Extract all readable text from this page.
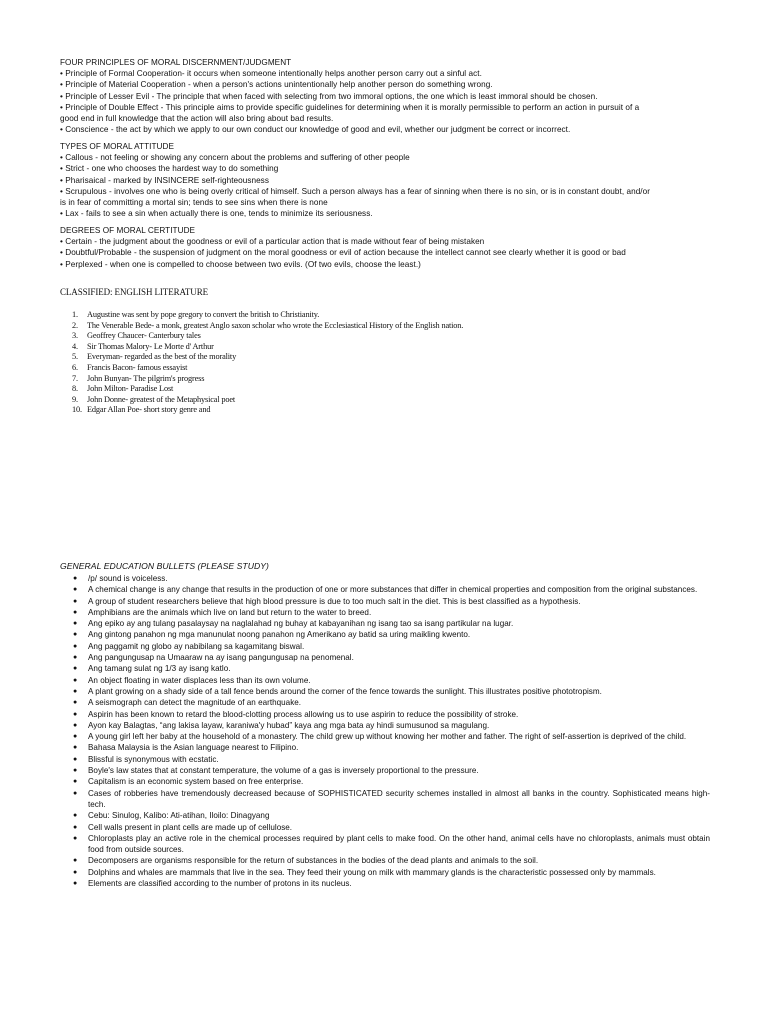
FOUR PRINCIPLES OF MORAL DISCERNMENT/JUDGMENT
• Principle of Formal Cooperation- it occurs when someone intentionally helps another person carry out a sinful act.
• Principle of Material Cooperation - when a person's actions unintentionally help another person do something wrong.
• Principle of Lesser Evil - The principle that when faced with selecting from two immoral options, the one which is least immoral should be chosen.
• Principle of Double Effect - This principle aims to provide specific guidelines for determining when it is morally permissible to perform an action in pursuit of a
good end in full knowledge that the action will also bring about bad results.
• Conscience - the act by which we apply to our own conduct our knowledge of good and evil, whether our judgment be correct or incorrect.
TYPES OF MORAL ATTITUDE
• Callous - not feeling or showing any concern about the problems and suffering of other people
• Strict - one who chooses the hardest way to do something
• Pharisaical - marked by INSINCERE self-righteousness
• Scrupulous - involves one who is being overly critical of himself. Such a person always has a fear of sinning when there is no sin, or is in constant doubt, and/or
is in fear of committing a mortal sin; tends to see sins when there is none
• Lax - fails to see a sin when actually there is one, tends to minimize its seriousness.
DEGREES OF MORAL CERTITUDE
• Certain - the judgment about the goodness or evil of a particular action that is made without fear of being mistaken
• Doubtful/Probable - the suspension of judgment on the moral goodness or evil of action because the intellect cannot see clearly whether it is good or bad
• Perplexed - when one is compelled to choose between two evils. (Of two evils, choose the least.)
CLASSIFIED: ENGLISH LITERATURE
1.	Augustine was sent by pope gregory to convert the british to Christianity.
2.	The Venerable Bede- a monk, greatest Anglo saxon scholar who wrote the Ecclesiastical History of the English nation.
3.	Geoffrey Chaucer- Canterbury tales
4.	Sir Thomas Malory- Le Morte d' Arthur
5.	Everyman- regarded as the best of the morality
6.	Francis Bacon- famous essayist
7.	John Bunyan- The pilgrim's progress
8.	John Milton- Paradise Lost
9.	John Donne- greatest of the Metaphysical poet
10. Edgar Allan Poe- short story genre and
GENERAL EDUCATION BULLETS (PLEASE STUDY)
● /p/ sound is voiceless.
● A chemical change is any change that results in the production of one or more substances that differ in chemical properties and composition from the original substances.
● A group of student researchers believe that high blood pressure is due to too much salt in the diet. This is best classified as a hypothesis.
● Amphibians are the animals which live on land but return to the water to breed.
● Ang epiko ay ang tulang pasalaysay na naglalahad ng buhay at kabayanihan ng isang tao sa isang partikular na lugar.
● Ang gintong panahon ng mga manunulat noong panahon ng Amerikano ay batid sa uring maikling kwento.
● Ang paggamit ng globo ay nabibilang sa kagamitang biswal.
● Ang pangungusap na Umaaraw na ay isang pangungusap na penomenal.
● Ang tamang sulat ng 1/3 ay isang katlo.
● An object floating in water displaces less than its own volume.
● A plant growing on a shady side of a tall fence bends around the corner of the fence towards the sunlight. This illustrates positive phototropism.
● A seismograph can detect the magnitude of an earthquake.
● Aspirin has been known to retard the blood-clotting process allowing us to use aspirin to reduce the possibility of stroke.
● Ayon kay Balagtas, “ang lakisa layaw, karaniwa'y hubad” kaya ang mga bata ay hindi sumusunod sa magulang.
● A young girl left her baby at the household of a monastery. The child grew up without knowing her mother and father. The right of self-assertion is deprived of the child.
● Bahasa Malaysia is the Asian language nearest to Filipino.
● Blissful is synonymous with ecstatic.
● Boyle's law states that at constant temperature, the volume of a gas is inversely proportional to the pressure.
● Capitalism is an economic system based on free enterprise.
● Cases of robberies have tremendously decreased because of SOPHISTICATED security schemes installed in almost all banks in the country. Sophisticated means high-tech.
● Cebu: Sinulog, Kalibo: Ati-atihan, Iloilo: Dinagyang
● Cell walls present in plant cells are made up of cellulose.
● Chloroplasts play an active role in the chemical processes required by plant cells to make food. On the other hand, animal cells have no chloroplasts, animals must obtain food from outside sources.
● Decomposers are organisms responsible for the return of substances in the bodies of the dead plants and animals to the soil.
● Dolphins and whales are mammals that live in the sea. They feed their young on milk with mammary glands is the characteristic possessed only by mammals.
● Elements are classified according to the number of protons in its nucleus.
